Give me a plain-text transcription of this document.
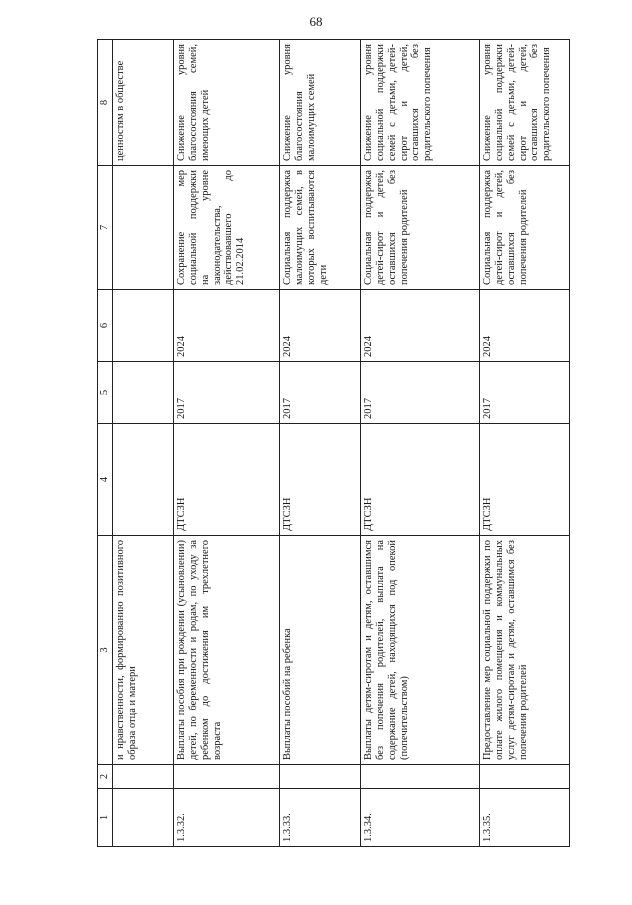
68
1	2	3	4	5	6	7	8
		и нравственности, формированию позитивного образа отца и матери					ценностям в обществе
1.3.32.		Выплаты пособия при рождении (усыновлении) детей, по беременности и родам, по уходу за ребенком до достижения им трехлетнего возраста	ДТСЗН	2017	2024	Сохранение мер социальной поддержки на уровне законодательства, действовавшего до 21.02.2014	Снижение уровня благосостояния семей, имеющих детей
1.3.33.		Выплаты пособий на ребенка	ДТСЗН	2017	2024	Социальная поддержка малоимущих семей, в которых воспитываются дети	Снижение уровня благосостояния малоимущих семей
1.3.34.		Выплаты детям-сиротам и детям, оставшимся без попечения родителей, выплата на содержание детей, находящихся под опекой (попечительством)	ДТСЗН	2017	2024	Социальная поддержка детей-сирот и детей, оставшихся без попечения родителей	Снижение уровня социальной поддержки семей с детьми, детей-сирот и детей, оставшихся без родительского попечения
1.3.35.		Предоставление мер социальной поддержки по оплате жилого помещения и коммунальных услуг детям-сиротам и детям, оставшимся без попечения родителей	ДТСЗН	2017	2024	Социальная поддержка детей-сирот и детей, оставшихся без попечения родителей	Снижение уровня социальной поддержки семей с детьми, детей-сирот и детей, оставшихся без родительского попечения
